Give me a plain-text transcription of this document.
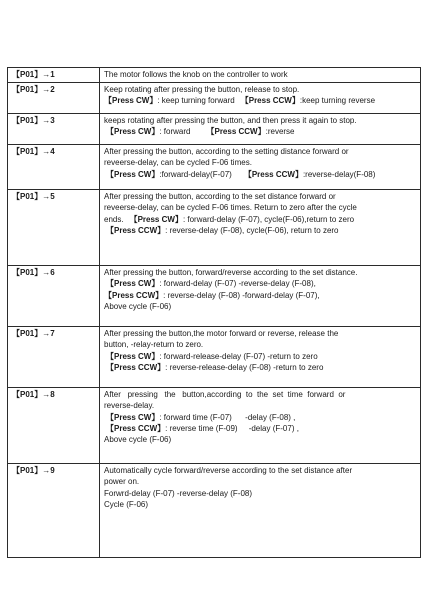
【P01】→1	The motor follows the knob on the controller to work

【P01】→2	Keep rotating after pressing the button, release to stop.
【Press CW】: keep turning forward 【Press CCW】:keep turning reverse

【P01】→3	keeps rotating after pressing the button, and then press it again to stop.
【Press CW】: forward 【Press CCW】:reverse

【P01】→4	After pressing the button, according to the setting distance forward or
reveerse-delay, can be cycled F-06 times.
【Press CW】:forward-delay(F-07) 【Press CCW】:reverse-delay(F-08)

【P01】→5	After pressing the button, according to the set distance forward or
reveerse-delay, can be cycled F-06 times. Return to zero after the cycle
ends. 【Press CW】: forward-delay (F-07), cycle(F-06),return to zero
【Press CCW】: reverse-delay (F-08), cycle(F-06), return to zero

【P01】→6	After pressing the button, forward/reverse according to the set distance.
【Press CW】: forward-delay (F-07) -reverse-delay (F-08),
【Press CCW】: reverse-delay (F-08) -forward-delay (F-07),
Above cycle (F-06)

【P01】→7	After pressing the button,the motor forward or reverse, release the
button, -relay-return to zero.
【Press CW】: forward-release-delay (F-07) -return to zero
【Press CCW】: reverse-release-delay (F-08) -return to zero

【P01】→8	After   pressing   the   button,according  to  the  set  time  forward  or
reverse-delay.
【Press CW】: forward time (F-07)      -delay (F-08) ,
【Press CCW】: reverse time (F-09)     -delay (F-07) ,
Above cycle (F-06)

【P01】→9	Automatically cycle forward/reverse according to the set distance after
power on.
Forwrd-delay (F-07) -reverse-delay (F-08)
Cycle (F-06)
